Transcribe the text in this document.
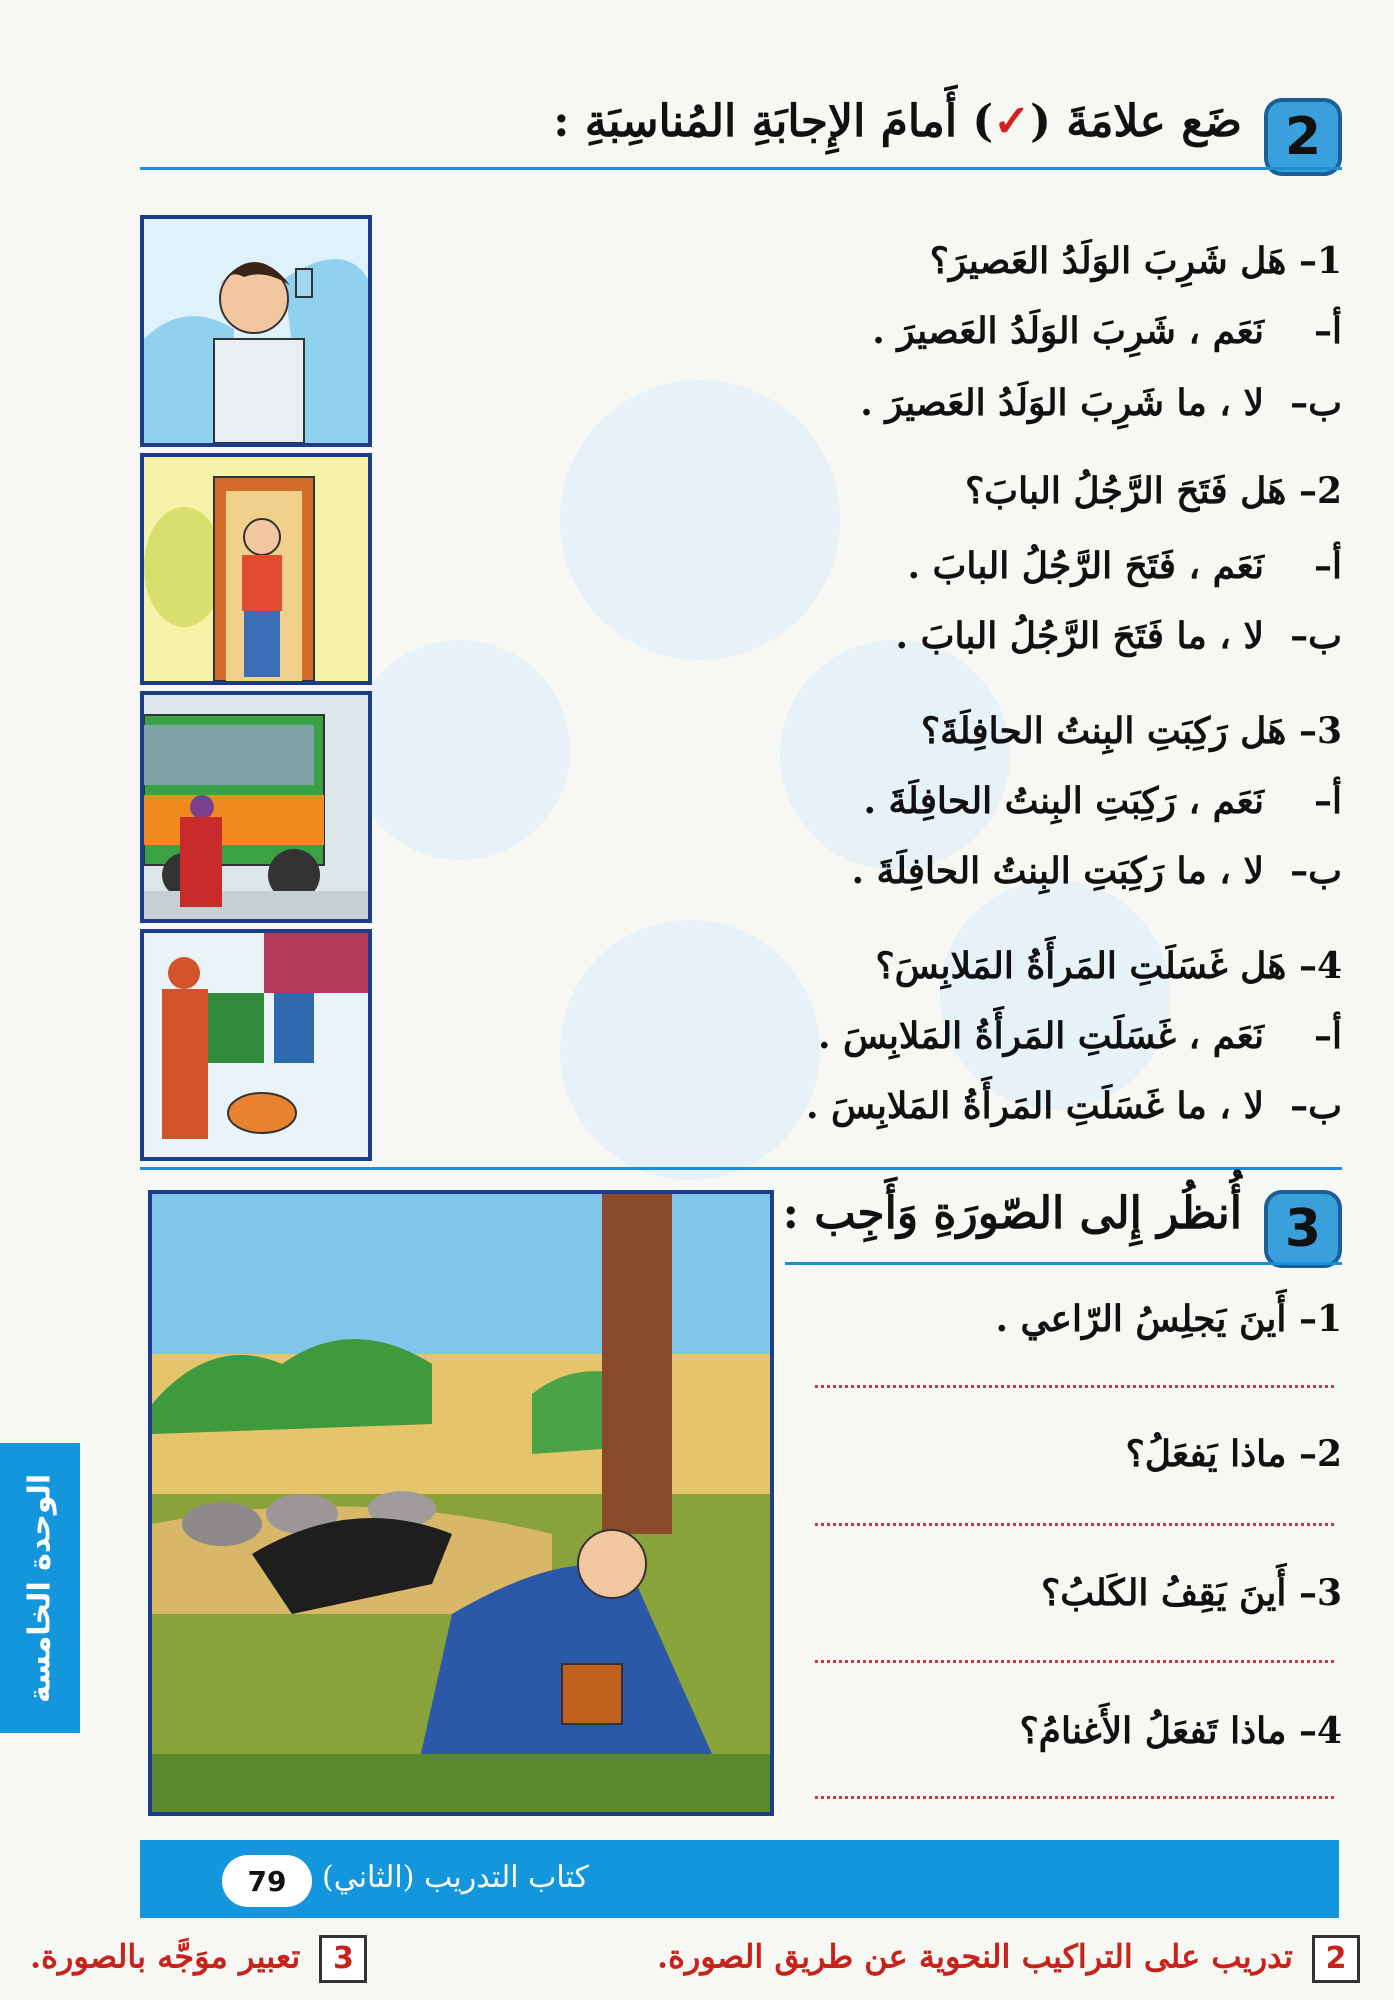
2
ضَع علامَةَ (✓) أَمامَ الإِجابَةِ المُناسِبَةِ :
1– هَل شَرِبَ الوَلَدُ العَصيرَ؟
أ–نَعَم ، شَرِبَ الوَلَدُ العَصيرَ .
ب–لا ، ما شَرِبَ الوَلَدُ العَصيرَ .
2– هَل فَتَحَ الرَّجُلُ البابَ؟
أ–نَعَم ، فَتَحَ الرَّجُلُ البابَ .
ب–لا ، ما فَتَحَ الرَّجُلُ البابَ .
3– هَل رَكِبَتِ البِنتُ الحافِلَةَ؟
أ–نَعَم ، رَكِبَتِ البِنتُ الحافِلَةَ .
ب–لا ، ما رَكِبَتِ البِنتُ الحافِلَةَ .
4– هَل غَسَلَتِ المَرأَةُ المَلابِسَ؟
أ–نَعَم ، غَسَلَتِ المَرأَةُ المَلابِسَ .
ب–لا ، ما غَسَلَتِ المَرأَةُ المَلابِسَ .
3
أُنظُر إِلى الصّورَةِ وَأَجِب :
1– أَينَ يَجلِسُ الرّاعي .
2– ماذا يَفعَلُ؟
3– أَينَ يَقِفُ الكَلبُ؟
4– ماذا تَفعَلُ الأَغنامُ؟
الوحدة الخامسة
79	كتاب التدريب (الثاني)
2 تدريب على التراكيب النحوية عن طريق الصورة.
3 تعبير موَجَّه بالصورة.
